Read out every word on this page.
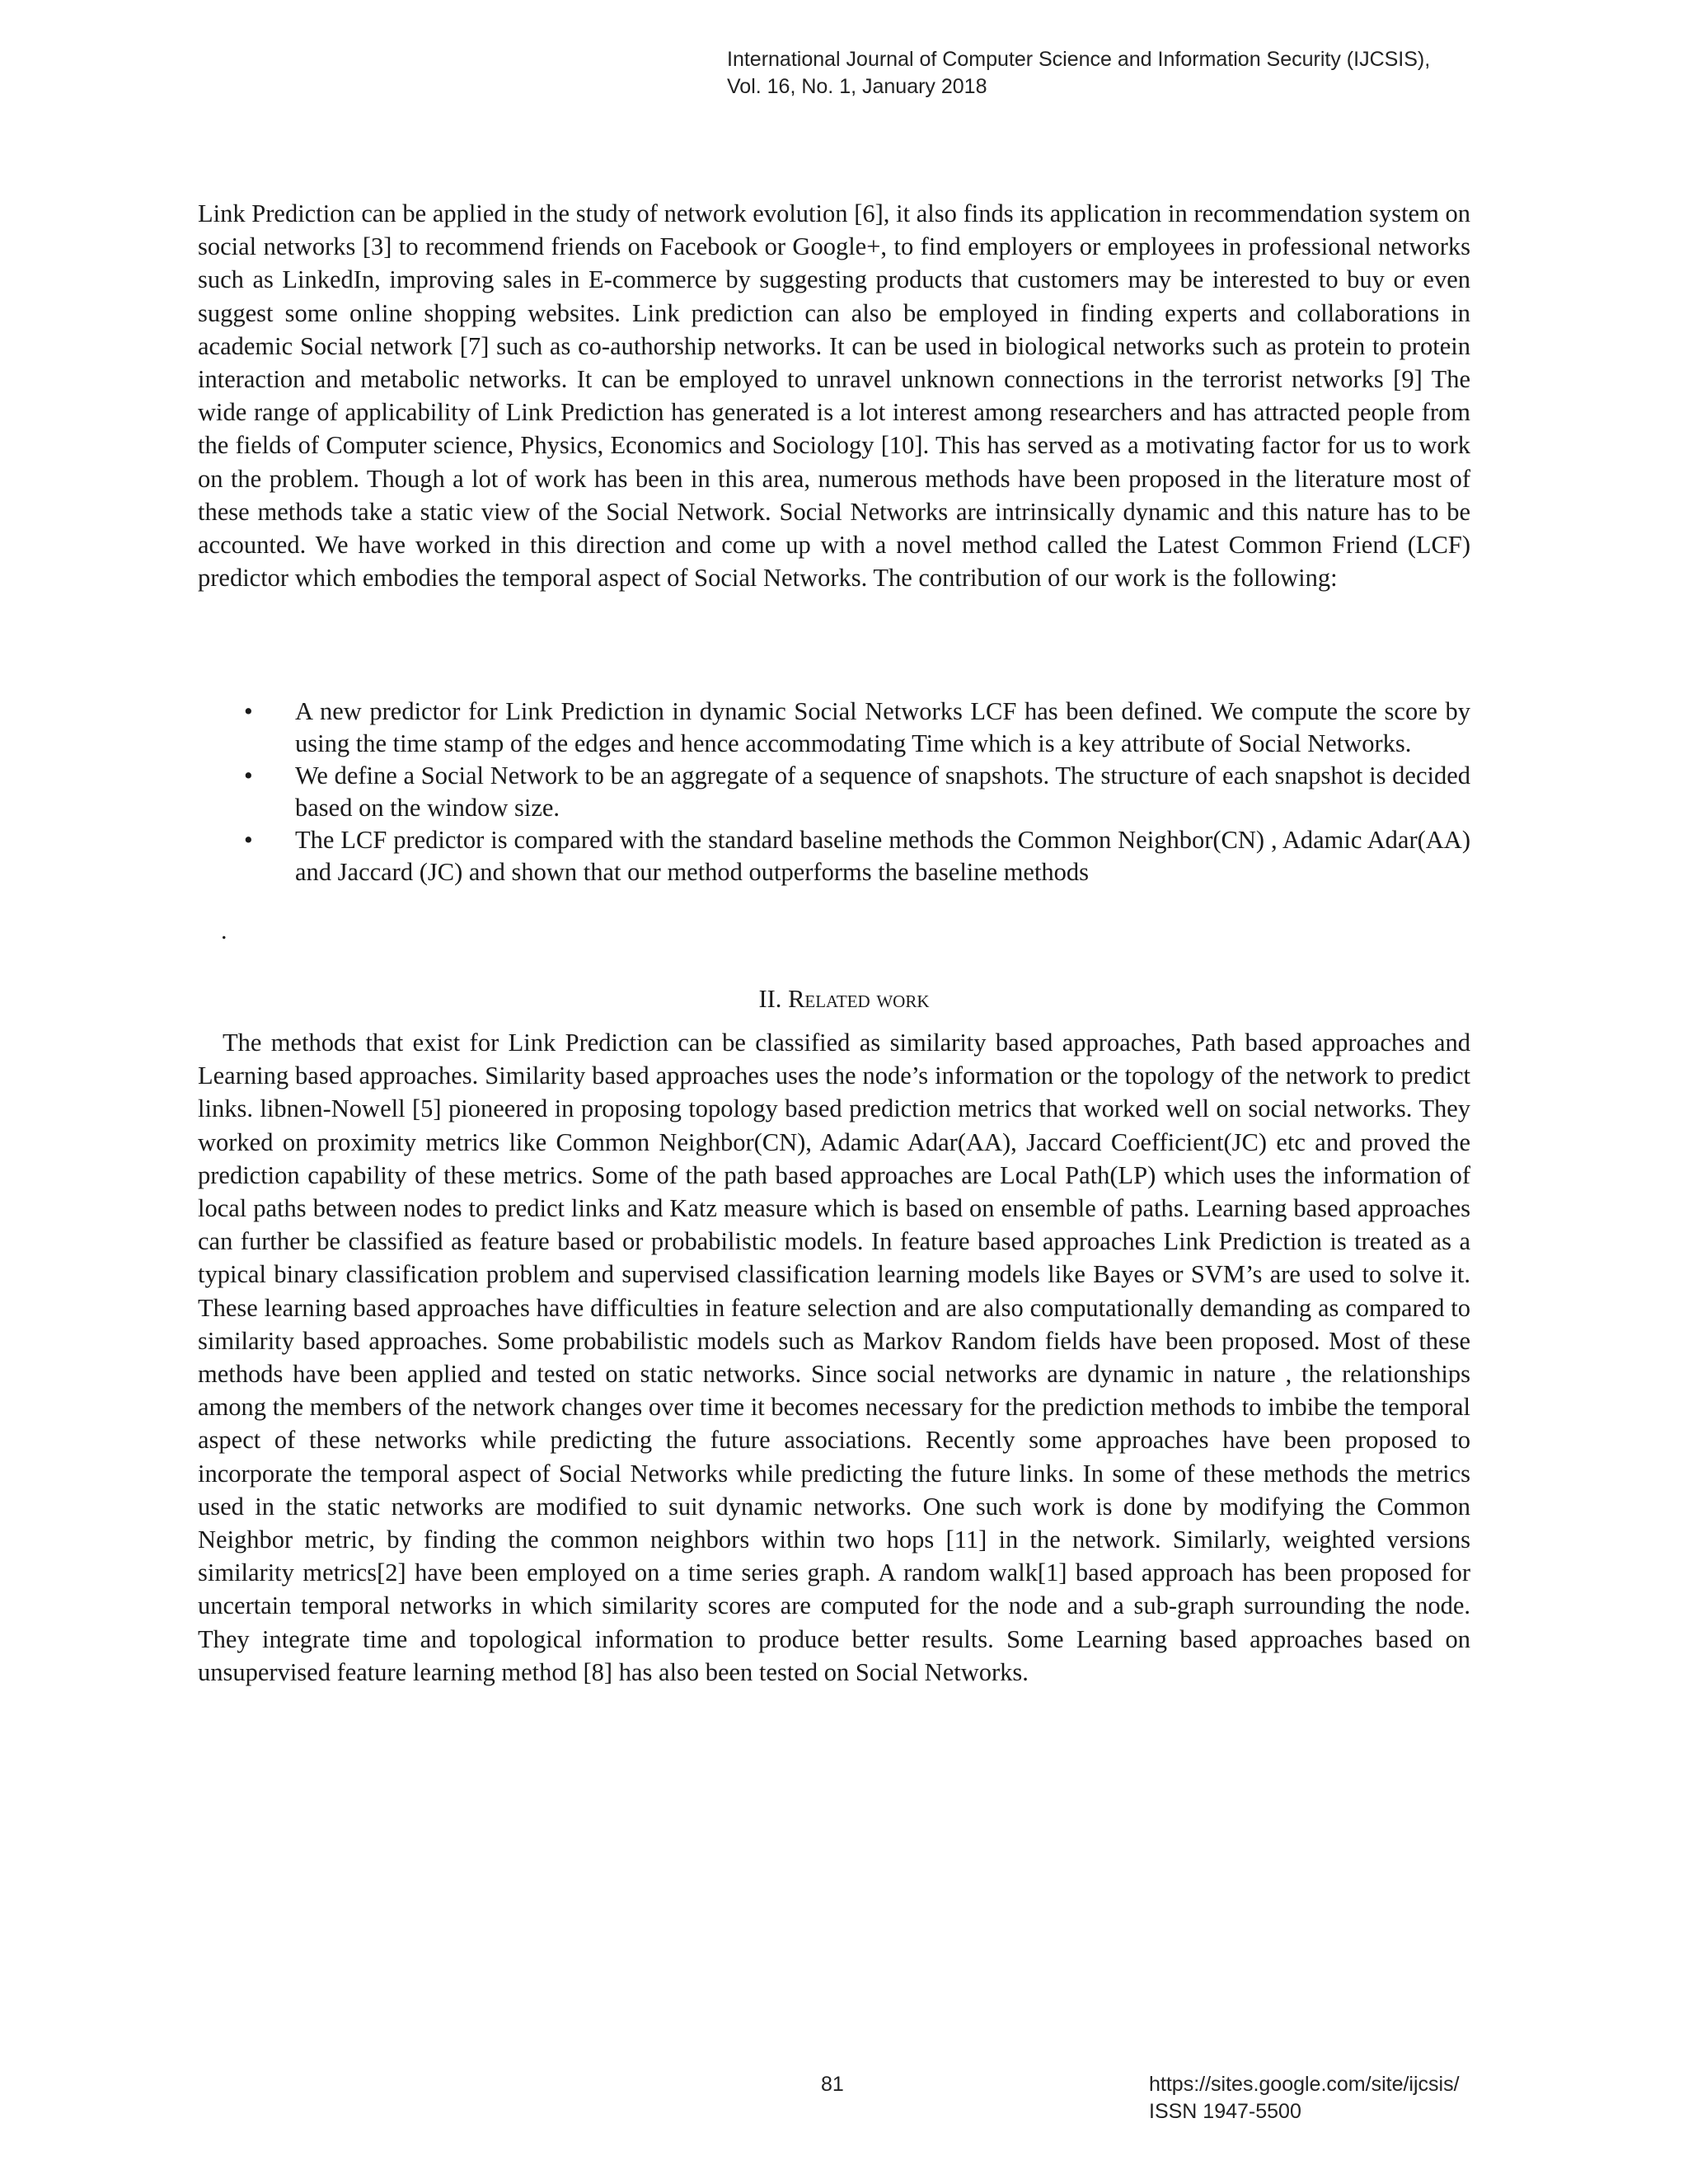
International Journal of Computer Science and Information Security (IJCSIS),
Vol. 16, No. 1, January 2018
Link Prediction can be applied in the study of network evolution [6], it also finds its application in recommendation system on social networks [3] to recommend friends on Facebook or Google+, to find employers or employees in professional networks such as LinkedIn, improving sales in E-commerce by suggesting products that customers may be interested to buy or even suggest some online shopping websites. Link prediction can also be employed in finding experts and collaborations in academic Social network [7] such as co-authorship networks. It can be used in biological networks such as protein to protein interaction and metabolic networks. It can be employed to unravel unknown connections in the terrorist networks [9] The wide range of applicability of Link Prediction has generated is a lot interest among researchers and has attracted people from the fields of Computer science, Physics, Economics and Sociology [10]. This has served as a motivating factor for us to work on the problem. Though a lot of work has been in this area, numerous methods have been proposed in the literature most of these methods take a static view of the Social Network. Social Networks are intrinsically dynamic and this nature has to be accounted. We have worked in this direction and come up with a novel method called the Latest Common Friend (LCF) predictor which embodies the temporal aspect of Social Networks. The contribution of our work is the following:
• A new predictor for Link Prediction in dynamic Social Networks LCF has been defined. We compute the score by using the time stamp of the edges and hence accommodating Time which is a key attribute of Social Networks.
• We define a Social Network to be an aggregate of a sequence of snapshots. The structure of each snapshot is decided based on the window size.
• The LCF predictor is compared with the standard baseline methods the Common Neighbor(CN) , Adamic Adar(AA) and Jaccard (JC) and shown that our method outperforms the baseline methods
.
II. Related work
The methods that exist for Link Prediction can be classified as similarity based approaches, Path based approaches and Learning based approaches. Similarity based approaches uses the node’s information or the topology of the network to predict links. libnen-Nowell [5] pioneered in proposing topology based prediction metrics that worked well on social networks. They worked on proximity metrics like Common Neighbor(CN), Adamic Adar(AA), Jaccard Coefficient(JC) etc and proved the prediction capability of these metrics. Some of the path based approaches are Local Path(LP) which uses the information of local paths between nodes to predict links and Katz measure which is based on ensemble of paths. Learning based approaches can further be classified as feature based or probabilistic models. In feature based approaches Link Prediction is treated as a typical binary classification problem and supervised classification learning models like Bayes or SVM’s are used to solve it. These learning based approaches have difficulties in feature selection and are also computationally demanding as compared to similarity based approaches. Some probabilistic models such as Markov Random fields have been proposed. Most of these methods have been applied and tested on static networks. Since social networks are dynamic in nature , the relationships among the members of the network changes over time it becomes necessary for the prediction methods to imbibe the temporal aspect of these networks while predicting the future associations. Recently some approaches have been proposed to incorporate the temporal aspect of Social Networks while predicting the future links. In some of these methods the metrics used in the static networks are modified to suit dynamic networks. One such work is done by modifying the Common Neighbor metric, by finding the common neighbors within two hops [11] in the network. Similarly, weighted versions similarity metrics[2] have been employed on a time series graph. A random walk[1] based approach has been proposed for uncertain temporal networks in which similarity scores are computed for the node and a sub-graph surrounding the node. They integrate time and topological information to produce better results. Some Learning based approaches based on unsupervised feature learning method [8] has also been tested on Social Networks.
81	https://sites.google.com/site/ijcsis/
ISSN 1947-5500
